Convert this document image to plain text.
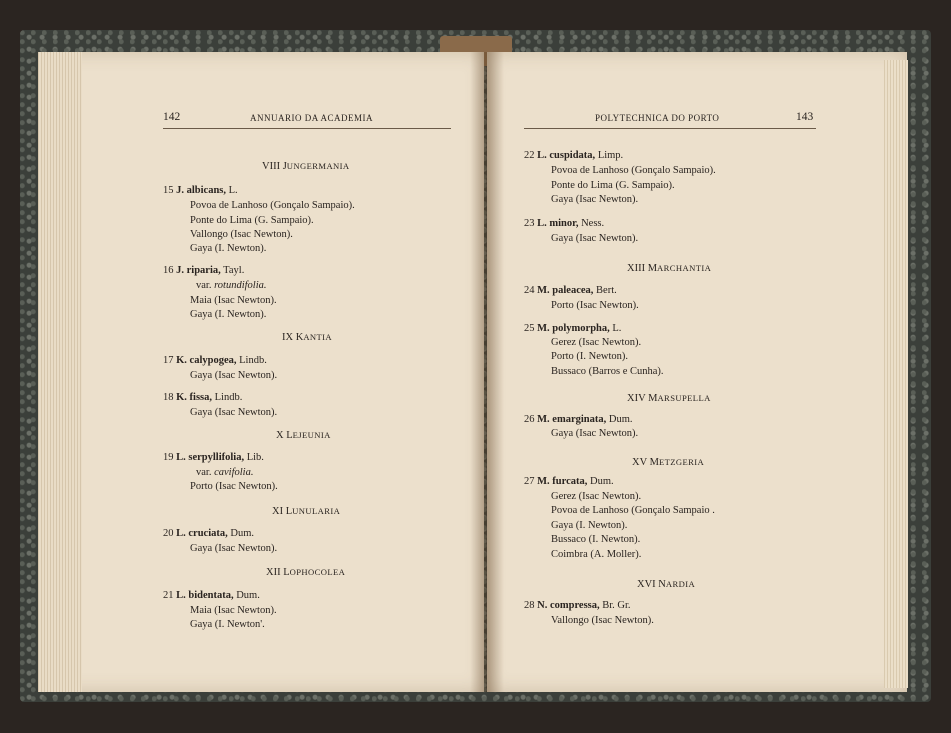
142	ANNUARIO DA ACADEMIA	POLYTECHNICA DO PORTO	143
VIII JUNGERMANIA
15 J. albicans, L.
Povoa de Lanhoso (Gonçalo Sampaio).
Ponte do Lima (G. Sampaio).
Vallongo (Isac Newton).
Gaya (I. Newton).
16 J. riparia, Tayl.
var. rotundifolia.
Maia (Isac Newton).
Gaya (I. Newton).
IX KANTIA
17 K. calypogea, Lindb.
Gaya (Isac Newton).
18 K. fissa, Lindb.
Gaya (Isac Newton).
X LEJEUNIA
19 L. serpyllifolia, Lib.
var. cavifolia.
Porto (Isac Newton).
XI LUNULARIA
20 L. cruciata, Dum.
Gaya (Isac Newton).
XII LOPHOCOLEA
21 L. bidentata, Dum.
Maia (Isac Newton).
Gaya (I. Newton'.
22 L. cuspidata, Limp.
Povoa de Lanhoso (Gonçalo Sampaio).
Ponte do Lima (G. Sampaio).
Gaya (Isac Newton).
23 L. minor, Ness.
Gaya (Isac Newton).
XIII MARCHANTIA
24 M. paleacea, Bert.
Porto (Isac Newton).
25 M. polymorpha, L.
Gerez (Isac Newton).
Porto (I. Newton).
Bussaco (Barros e Cunha).
XIV MARSUPELLA
26 M. emarginata, Dum.
Gaya (Isac Newton).
XV METZGERIA
27 M. furcata, Dum.
Gerez (Isac Newton).
Povoa de Lanhoso (Gonçalo Sampaio .
Gaya (I. Newton).
Bussaco (I. Newton).
Coimbra (A. Moller).
XVI NARDIA
28 N. compressa, Br. Gr.
Vallongo (Isac Newton).
